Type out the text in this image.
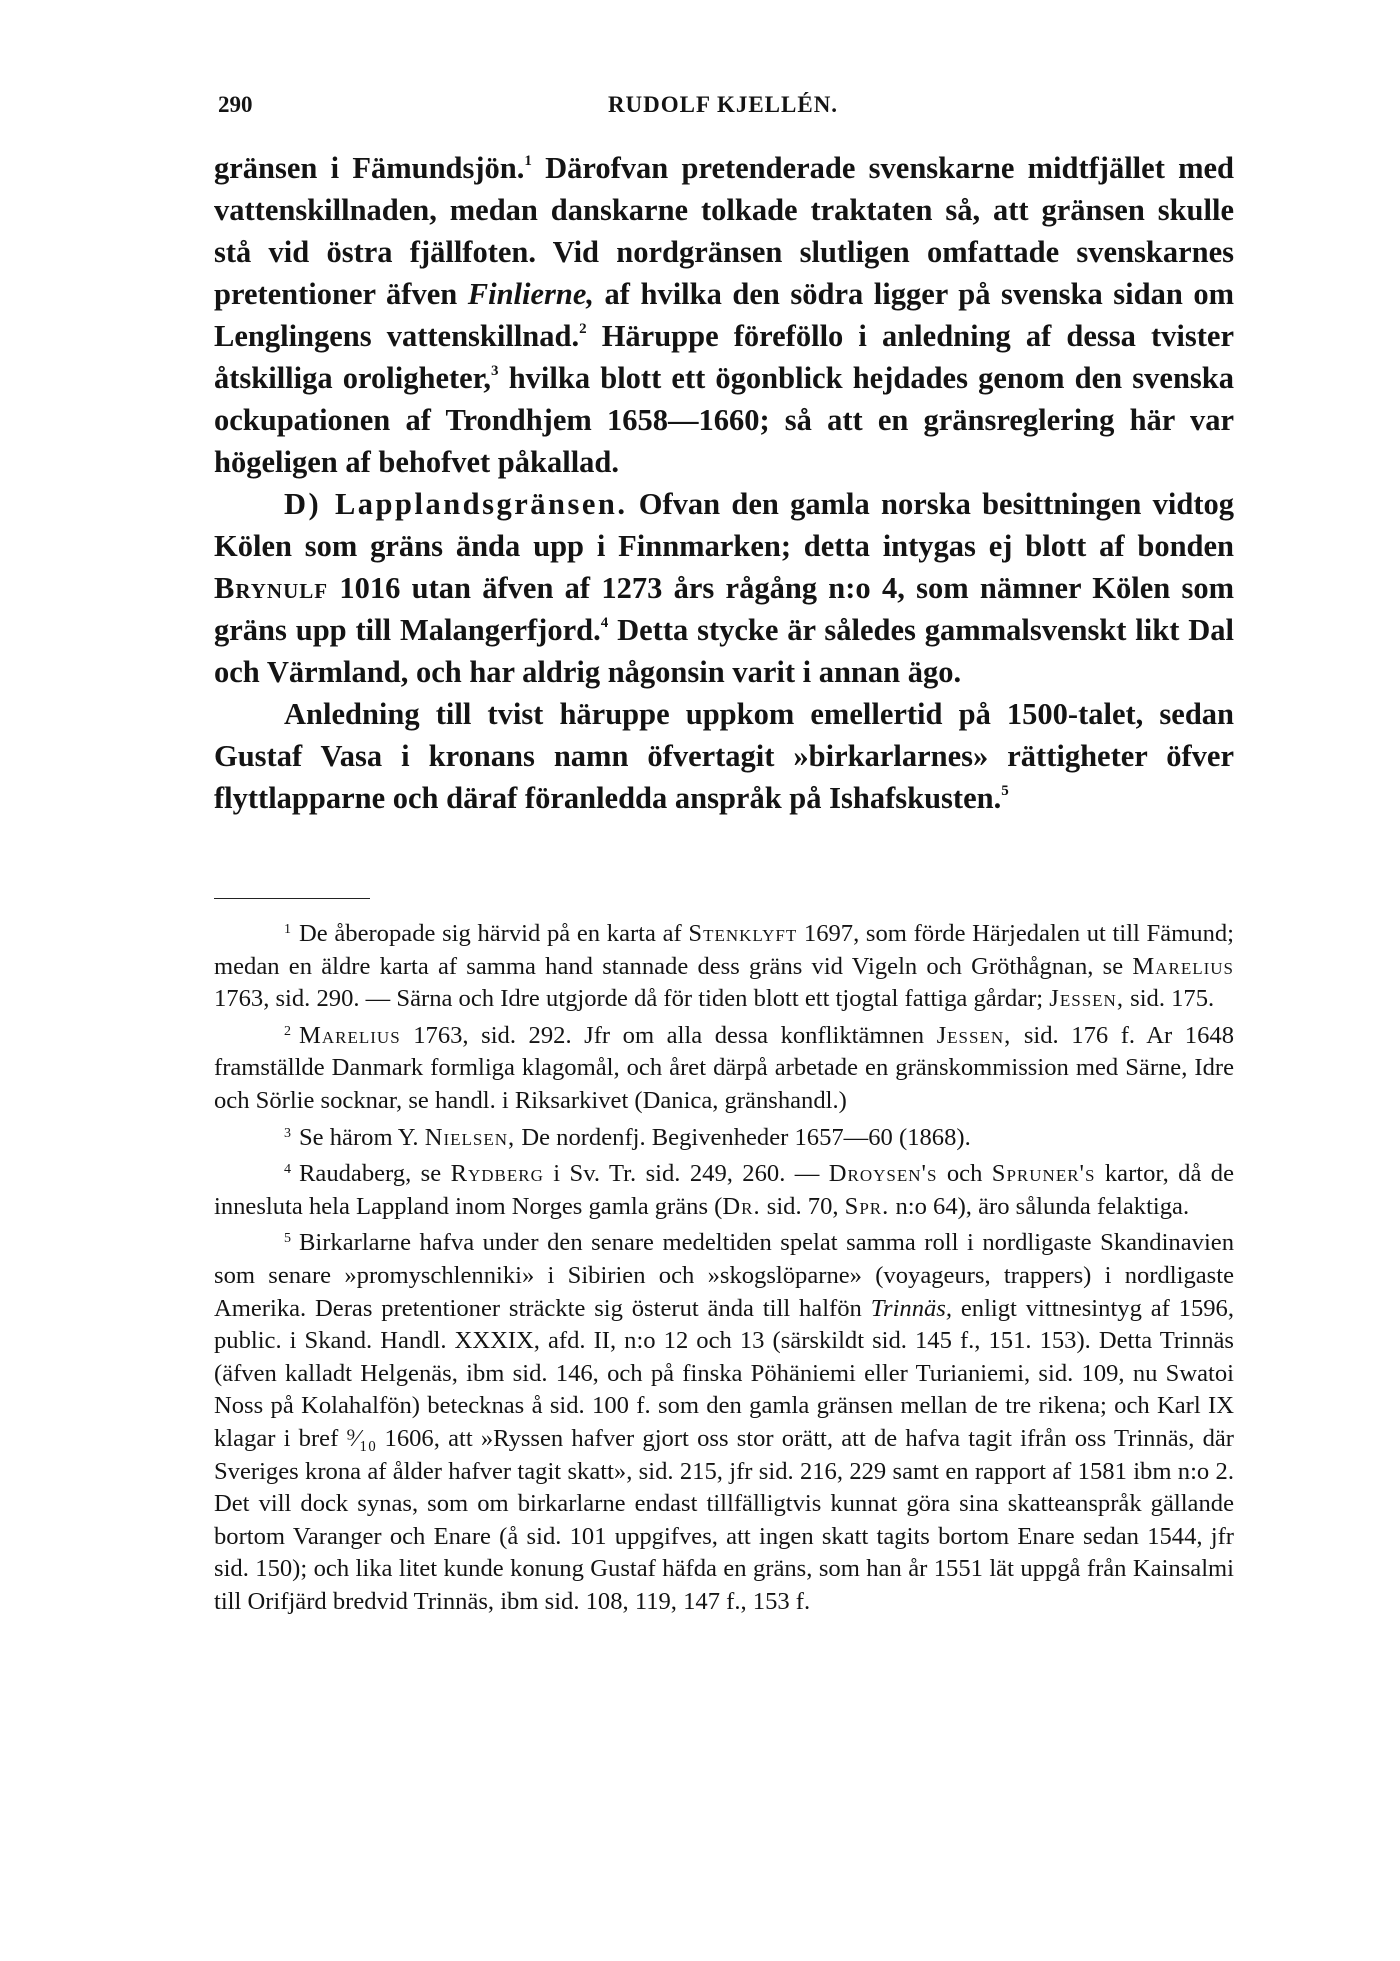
290	RUDOLF KJELLÉN.

gränsen i Fämundsjön.$^1$ Därofvan pretenderade svenskarne midtfjället med vattenskillnaden, medan danskarne tolkade traktaten så, att gränsen skulle stå vid östra fjällfoten. Vid nordgränsen slutligen omfattade svenskarnes pretentioner äfven Finlierne, af hvilka den södra ligger på svenska sidan om Lenglingens vattenskillnad.$^2$ Häruppe föreföllo i anledning af dessa tvister åtskilliga oroligheter,$^3$ hvilka blott ett ögonblick hejdades genom den svenska ockupationen af Trondhjem 1658—1660; så att en gränsreglering här var högeligen af behofvet påkallad.

D) Lapplandsgränsen. Ofvan den gamla norska besittningen vidtog Kölen som gräns ända upp i Finnmarken; detta intygas ej blott af bonden Brynulf 1016 utan äfven af 1273 års rågång n:o 4, som nämner Kölen som gräns upp till Malangerfjord.$^4$ Detta stycke är således gammalsvenskt likt Dal och Värmland, och har aldrig någonsin varit i annan ägo.

Anledning till tvist häruppe uppkom emellertid på 1500-talet, sedan Gustaf Vasa i kronans namn öfvertagit »birkarlarnes» rättigheter öfver flyttlapparne och däraf föranledda anspråk på Ishafskusten.$^5$

$^1$ De åberopade sig härvid på en karta af Stenklyft 1697, som förde Härjedalen ut till Fämund; medan en äldre karta af samma hand stannade dess gräns vid Vigeln och Gröthågnan, se Marelius 1763, sid. 290. — Särna och Idre utgjorde då för tiden blott ett tjogtal fattiga gårdar; Jessen, sid. 175.

$^2$ Marelius 1763, sid. 292. Jfr om alla dessa konfliktämnen Jessen, sid. 176 f. Ar 1648 framställde Danmark formliga klagomål, och året därpå arbetade en gränskommission med Särne, Idre och Sörlie socknar, se handl. i Riksarkivet (Danica, gränshandl.)

$^3$ Se härom Y. Nielsen, De nordenfj. Begivenheder 1657—60 (1868).

$^4$ Raudaberg, se Rydberg i Sv. Tr. sid. 249, 260. — Droysen's och Spruner's kartor, då de innesluta hela Lappland inom Norges gamla gräns (Dr. sid. 70, Spr. n:o 64), äro sålunda felaktiga.

$^5$ Birkarlarne hafva under den senare medeltiden spelat samma roll i nordligaste Skandinavien som senare »promyschlenniki» i Sibirien och »skogslöparne» (voyageurs, trappers) i nordligaste Amerika. Deras pretentioner sträckte sig österut ända till halfön Trinnäs, enligt vittnesintyg af 1596, public. i Skand. Handl. XXXIX, afd. II, n:o 12 och 13 (särskildt sid. 145 f., 151. 153). Detta Trinnäs (äfven kalladt Helgenäs, ibm sid. 146, och på finska Pöhäniemi eller Turianiemi, sid. 109, nu Swatoi Noss på Kolahalfön) betecknas å sid. 100 f. som den gamla gränsen mellan de tre rikena; och Karl IX klagar i bref ⁹⁄₁₀ 1606, att »Ryssen hafver gjort oss stor orätt, att de hafva tagit ifrån oss Trinnäs, där Sveriges krona af ålder hafver tagit skatt», sid. 215, jfr sid. 216, 229 samt en rapport af 1581 ibm n:o 2. Det vill dock synas, som om birkarlarne endast tillfälligtvis kunnat göra sina skatteanspråk gällande bortom Varanger och Enare (å sid. 101 uppgifves, att ingen skatt tagits bortom Enare sedan 1544, jfr sid. 150); och lika litet kunde konung Gustaf häfda en gräns, som han år 1551 lät uppgå från Kainsalmi till Orifjärd bredvid Trinnäs, ibm sid. 108, 119, 147 f., 153 f.
